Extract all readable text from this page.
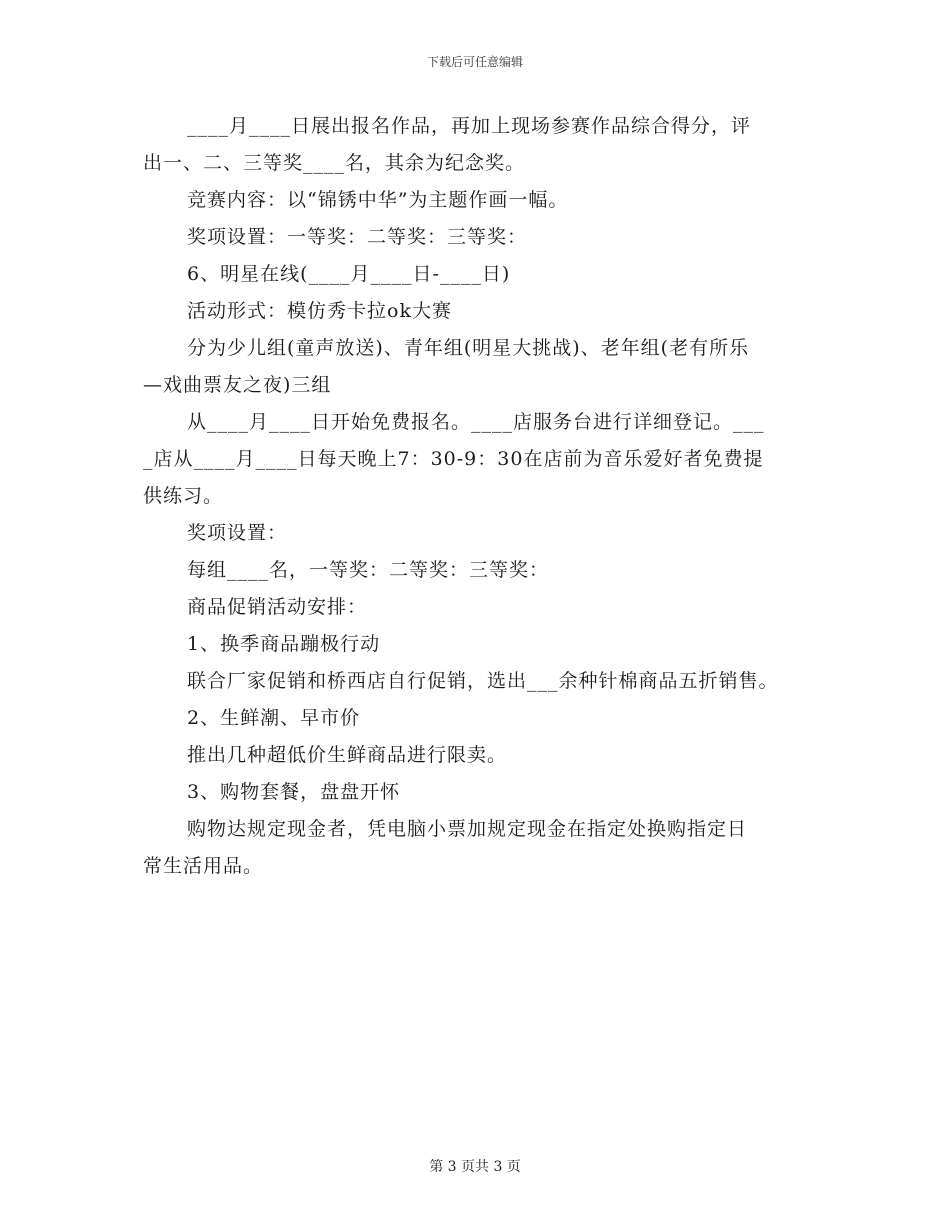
下载后可任意编辑
____月____日展出报名作品，再加上现场参赛作品综合得分，评
出一、二、三等奖____名，其余为纪念奖。
竞赛内容：以“锦锈中华”为主题作画一幅。
奖项设置：一等奖：二等奖：三等奖：
6、明星在线(____月____日-____日)
活动形式：模仿秀卡拉ok大赛
分为少儿组(童声放送)、青年组(明星大挑战)、老年组(老有所乐
—戏曲票友之夜)三组
从____月____日开始免费报名。____店服务台进行详细登记。___
_店从____月____日每天晚上7：30-9：30在店前为音乐爱好者免费提
供练习。
奖项设置：
每组____名，一等奖：二等奖：三等奖：
商品促销活动安排：
1、换季商品蹦极行动
联合厂家促销和桥西店自行促销，选出___余种针棉商品五折销售。
2、生鲜潮、早市价
推出几种超低价生鲜商品进行限卖。
3、购物套餐，盘盘开怀
购物达规定现金者，凭电脑小票加规定现金在指定处换购指定日
常生活用品。
第 3 页共 3 页
